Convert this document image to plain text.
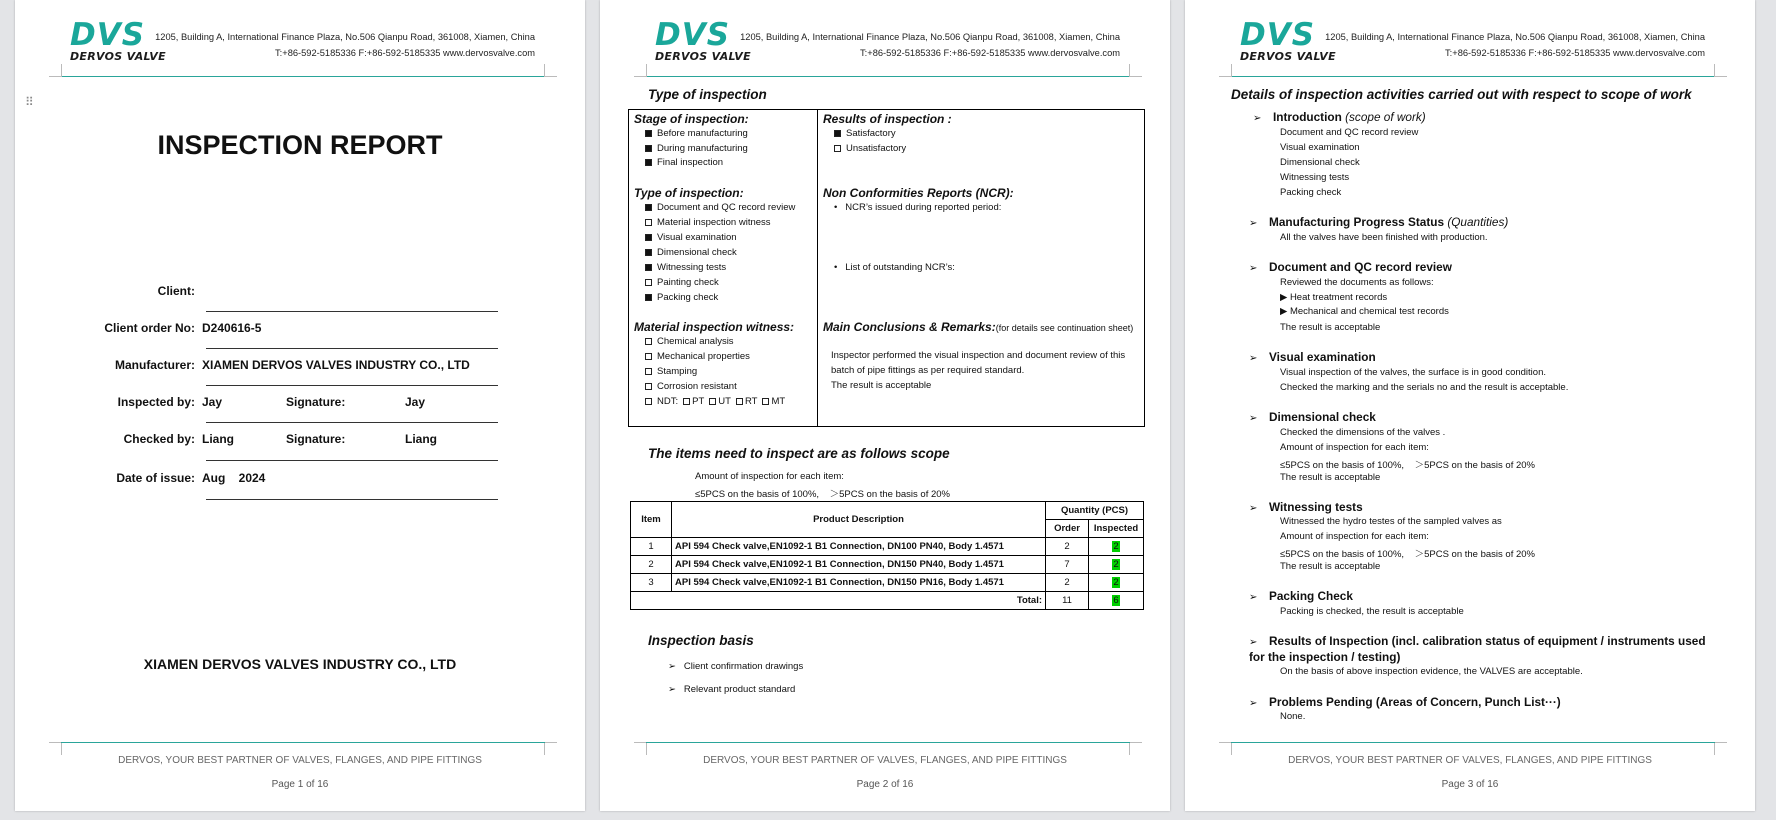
DVS
DERVOS VALVE
1205, Building A, International Finance Plaza, No.506 Qianpu Road, 361008, Xiamen, China
T:+86-592-5185336 F:+86-592-5185335 www.dervosvalve.com
⠿
INSPECTION REPORT
Client:
Client order No: D240616-5
Manufacturer: XIAMEN DERVOS VALVES INDUSTRY CO., LTD
Inspected by: Jay	Signature:	Jay
Checked by: Liang	Signature:	Liang
Date of issue: Aug    2024
XIAMEN DERVOS VALVES INDUSTRY CO., LTD
DERVOS, YOUR BEST PARTNER OF VALVES, FLANGES, AND PIPE FITTINGS
Page 1 of 16
DVS
DERVOS VALVE
1205, Building A, International Finance Plaza, No.506 Qianpu Road, 361008, Xiamen, China
T:+86-592-5185336 F:+86-592-5185335 www.dervosvalve.com
Type of inspection
Stage of inspection:
Before manufacturing
During manufacturing
Final inspection
Type of inspection:
Document and QC record review
Material inspection witness
Visual examination
Dimensional check
Witnessing tests
Painting check
Packing check
Material inspection witness:
Chemical analysis
Mechanical properties
Stamping
Corrosion resistant
NDT: PT UT RT MT
Results of inspection :
Satisfactory
Unsatisfactory
Non Conformities Reports (NCR):
• NCR’s issued during reported period:
• List of outstanding NCR’s:
Main Conclusions & Remarks:(for details see continuation sheet)
Inspector performed the visual inspection and document review of this batch of pipe fittings as per required standard.
The result is acceptable
The items need to inspect are as follows scope
Amount of inspection for each item:
≤5PCS on the basis of 100%,    ＞5PCS on the basis of 20%
Item	Product Description	Quantity (PCS)	
		Order	Inspected
1	API 594 Check valve,EN1092-1 B1 Connection, DN100 PN40, Body 1.4571	2	2
2	API 594 Check valve,EN1092-1 B1 Connection, DN150 PN40, Body 1.4571	7	2
3	API 594 Check valve,EN1092-1 B1 Connection, DN150 PN16, Body 1.4571	2	2
Total:		11	6
Inspection basis
➢ Client confirmation drawings
➢ Relevant product standard
DERVOS, YOUR BEST PARTNER OF VALVES, FLANGES, AND PIPE FITTINGS
Page 2 of 16
DVS
DERVOS VALVE
1205, Building A, International Finance Plaza, No.506 Qianpu Road, 361008, Xiamen, China
T:+86-592-5185336 F:+86-592-5185335 www.dervosvalve.com
Details of inspection activities carried out with respect to scope of work
➢ Introduction (scope of work)
Document and QC record review
Visual examination
Dimensional check
Witnessing tests
Packing check
➢ Manufacturing Progress Status (Quantities)
All the valves have been finished with production.
➢ Document and QC record review
Reviewed the documents as follows:
▶ Heat treatment records
▶ Mechanical and chemical test records
The result is acceptable
➢ Visual examination
Visual inspection of the valves, the surface is in good condition.
Checked the marking and the serials no and the result is acceptable.
➢ Dimensional check
Checked the dimensions of the valves .
Amount of inspection for each item:
≤5PCS on the basis of 100%,    ＞5PCS on the basis of 20%
The result is acceptable
➢ Witnessing tests
Witnessed the hydro testes of the sampled valves as
Amount of inspection for each item:
≤5PCS on the basis of 100%,    ＞5PCS on the basis of 20%
The result is acceptable
➢ Packing Check
Packing is checked, the result is acceptable
➢ Results of Inspection (incl. calibration status of equipment / instruments used
for the inspection / testing)
On the basis of above inspection evidence, the VALVES are acceptable.
➢ Problems Pending (Areas of Concern, Punch List···)
None.
DERVOS, YOUR BEST PARTNER OF VALVES, FLANGES, AND PIPE FITTINGS
Page 3 of 16
